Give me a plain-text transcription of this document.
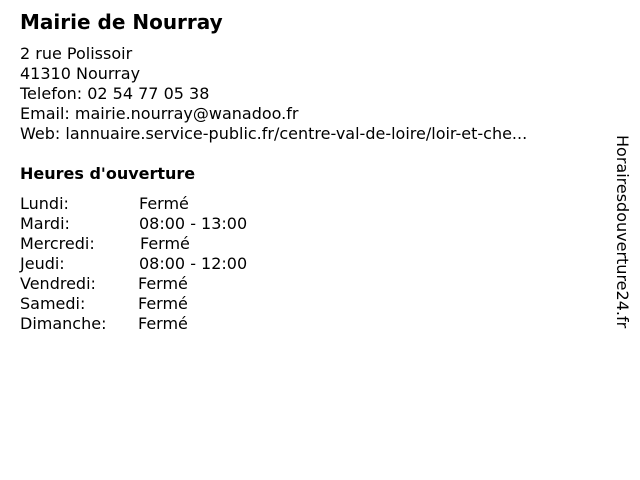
Mairie de Nourray
2 rue Polissoir
41310 Nourray
Telefon: 02 54 77 05 38
Email: mairie.nourray@wanadoo.fr
Web: lannuaire.service-public.fr/centre-val-de-loire/loir-et-che...
Heures d'ouverture
Lundi:	Fermé
Mardi:	08:00 - 13:00
Mercredi:	Fermé
Jeudi:	08:00 - 12:00
Vendredi:	Fermé
Samedi:	Fermé
Dimanche: Fermé	Horairesdouverture24.fr
